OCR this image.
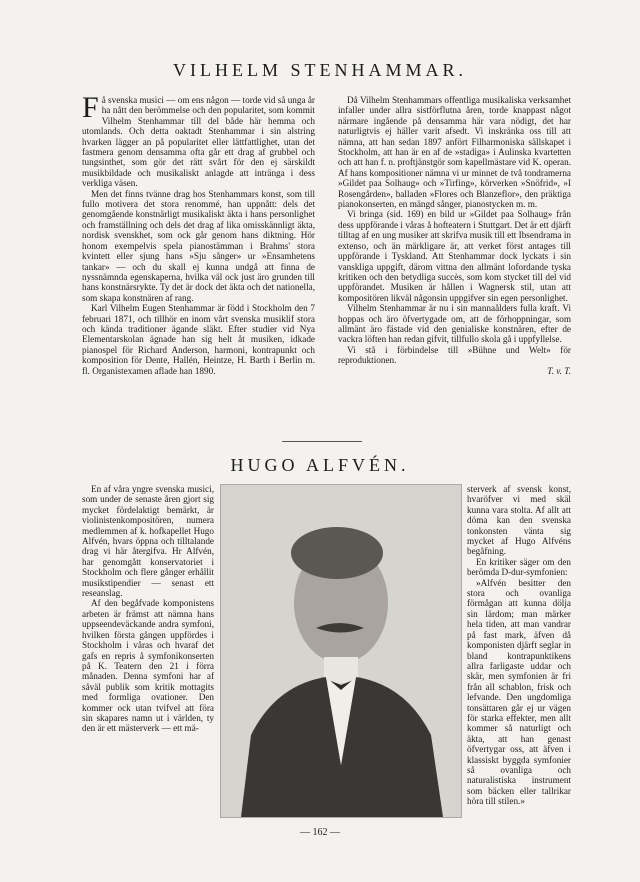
VILHELM STENHAMMAR.

Få svenska musici — om ens någon — torde vid så unga år ha nått den berömmelse och den popularitet, som kommit Vilhelm Stenhammar till del både här hemma och utomlands. Och detta oaktadt Stenhammar i sin alstring hvarken lägger an på popularitet eller lättfattlighet, utan det fastmera genom densamma ofta går ett drag af grubbel och tungsinthet, som gör det rätt svårt för den ej särskildt musikbildade och musikaliskt anlagde att intränga i dess verkliga väsen.

Men det finns tvänne drag hos Stenhammars konst, som till fullo motivera det stora renommé, han uppnått: dels det genomgående konstnärligt musikaliskt äkta i hans personlighet och framställning och dels det drag af lika omisskännligt äkta, nordisk svenskhet, som ock går genom hans diktning. Hör honom exempelvis spela pianostämman i Brahms' stora kvintett eller sjung hans »Sju sånger» ur »Ensamhetens tankar» — och du skall ej kunna undgå att finna de nyssnämnda egenskaperna, hvilka väl ock just äro grunden till hans konstnärsrykte. Ty det är dock det äkta och det nationella, som skapa konstnären af rang.

Karl Vilhelm Eugen Stenhammar är född i Stockholm den 7 februari 1871, och tillhör en inom vårt svenska musiklif stora och kända traditioner ägande släkt. Efter studier vid Nya Elementarskolan ägnade han sig helt åt musiken, idkade pianospel för Richard Anderson, harmoni, kontrapunkt och komposition för Dente, Hallén, Heintze, H. Barth i Berlin m. fl. Organistexamen aflade han 1890.

Då Vilhelm Stenhammars offentliga musikaliska verksamhet infaller under allra sistförflutna åren, torde knappast något närmare ingående på densamma här vara nödigt, det har naturligtvis ej häller varit afsedt. Vi inskränka oss till att nämna, att han sedan 1897 anfört Filharmoniska sällskapet i Stockholm, att han är en af de »stadiga» i Aulinska kvartetten och att han f. n. proftjänstgör som kapellmästare vid K. operan. Af hans kompositioner nämna vi ur minnet de två tondramerna »Gildet paa Solhaug» och »Tirfing», körverken »Snöfrid», »I Rosengården», balladen »Flores och Blanzeflor», den präktiga pianokonserten, en mängd sånger, pianostycken m. m.

Vi bringa (sid. 169) en bild ur »Gildet paa Solhaug» från dess uppförande i våras å hofteatern i Stuttgart. Det är ett djärft tilltag af en ung musiker att skrifva musik till ett Ibsendrama in extenso, och än märkligare är, att verket först antages till uppförande i Tyskland. Att Stenhammar dock lyckats i sin vanskliga uppgift, därom vittna den allmänt lofordande tyska kritiken och den betydliga succès, som kom stycket till del vid uppförandet. Musiken är hållen i Wagnersk stil, utan att kompositören likväl någonsin uppgifver sin egen personlighet.

Vilhelm Stenhammar är nu i sin mannaålders fulla kraft. Vi hoppas och äro öfvertygade om, att de förhoppningar, som allmänt äro fästade vid den genialiske konstnären, efter de vackra löften han redan gifvit, tillfullo skola gå i uppfyllelse.

Vi stå i förbindelse till »Bühne und Welt» för reproduktionen.

T. v. T.

HUGO ALFVÉN.

En af våra yngre svenska musici, som under de senaste åren gjort sig mycket fördelaktigt bemärkt, är violinistenkompositören, numera medlemmen af k. hofkapellet Hugo Alfvén, hvars öppna och tilltalande drag vi här återgifva. Hr Alfvén, har genomgått konservatoriet i Stockholm och flere gånger erhållit musikstipendier — senast ett reseanslag.

Af den begåfvade komponistens arbeten är främst att nämna hans uppseendeväckande andra symfoni, hvilken första gången uppfördes i Stockholm i våras och hvaraf det gafs en repris å symfonikonserten på K. Teatern den 21 i förra månaden. Denna symfoni har af såväl publik som kritik mottagits med formliga ovationer. Den kommer ock utan tvifvel att föra sin skapares namn ut i världen, ty den är ett mästerverk — ett mä-

sterverk af svensk konst, hvaröfver vi med skäl kunna vara stolta. Af allt att döma kan den svenska tonkonsten vänta sig mycket af Hugo Alfvéns begåfning.

En kritiker säger om den berömda D-dur-symfonien:

»Alfvén besitter den stora och ovanliga förmågan att kunna dölja sin lärdom; man märker hela tiden, att man vandrar på fast mark, äfven då komponisten djärft seglar in bland kontrapunktikens allra farligaste uddar och skär, men symfonien är fri från all schablon, frisk och lefvande. Den ungdomliga tonsättaren går ej ur vägen för starka effekter, men allt kommer så naturligt och äkta, att han genast öfvertygar oss, att äfven i klassiskt byggda symfonier så ovanliga och naturalistiska instrument som bäcken eller tallrikar höra till stilen.»

— 162 —
